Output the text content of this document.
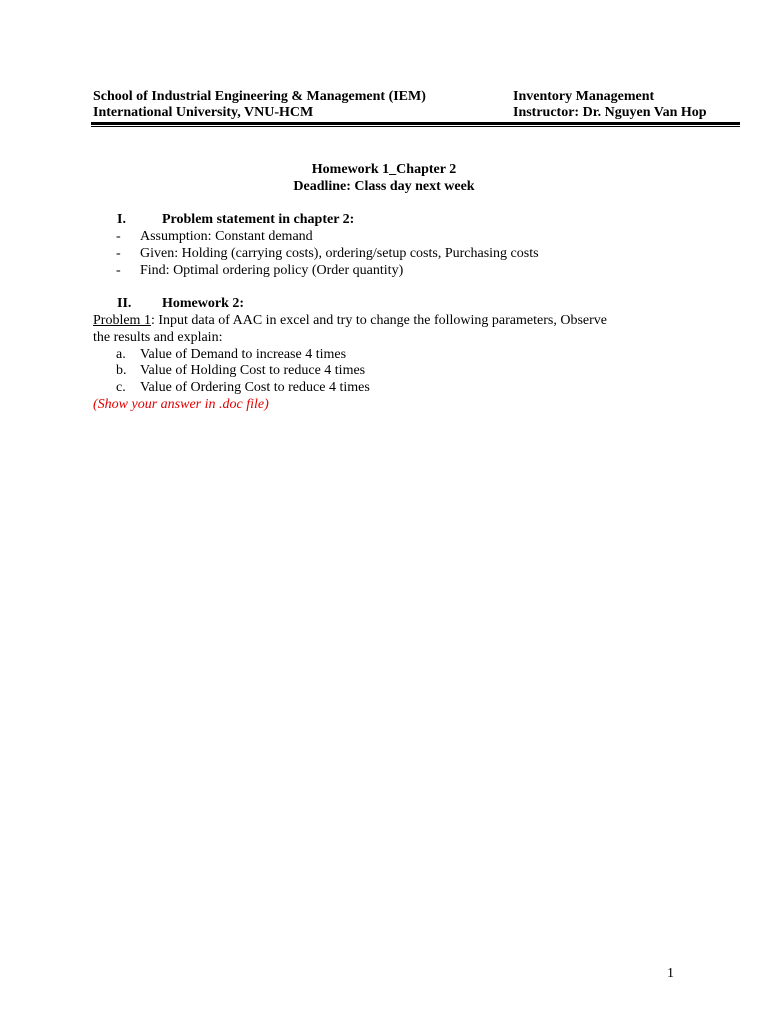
School of Industrial Engineering & Management (IEM)	Inventory Management
International University, VNU-HCM	Instructor: Dr. Nguyen Van Hop
Homework 1_Chapter 2
Deadline: Class day next week
I.	Problem statement in chapter 2:
- Assumption: Constant demand
- Given: Holding (carrying costs), ordering/setup costs, Purchasing costs
- Find: Optimal ordering policy (Order quantity)
II. Homework 2:
Problem 1: Input data of AAC in excel and try to change the following parameters, Observe
the results and explain:
a. Value of Demand to increase 4 times
b. Value of Holding Cost to reduce 4 times
c. Value of Ordering Cost to reduce 4 times
(Show your answer in .doc file)
1
